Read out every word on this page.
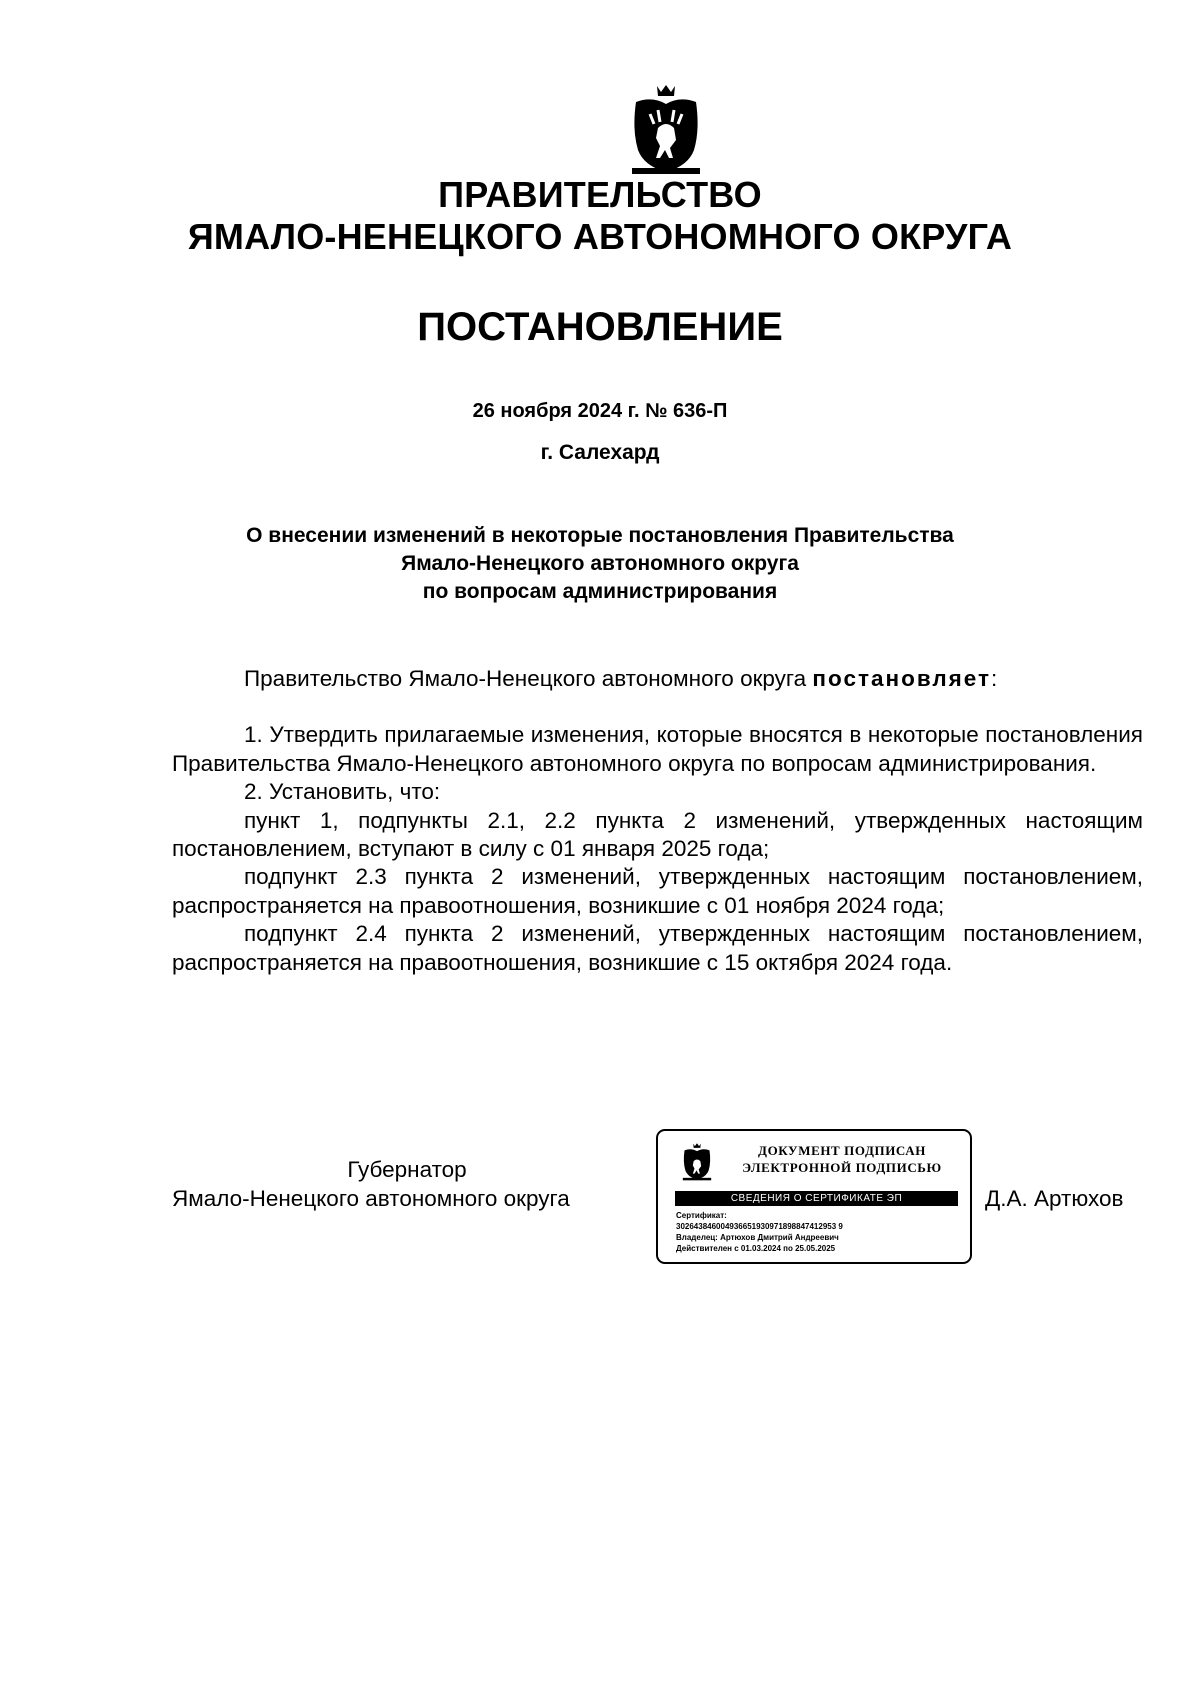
ПРАВИТЕЛЬСТВО
ЯМАЛО-НЕНЕЦКОГО АВТОНОМНОГО ОКРУГА
ПОСТАНОВЛЕНИЕ
26 ноября 2024 г. № 636-П
г. Салехард
О внесении изменений в некоторые постановления Правительства
Ямало-Ненецкого автономного округа
по вопросам администрирования

Правительство Ямало-Ненецкого автономного округа постановляет:

1. Утвердить прилагаемые изменения, которые вносятся в некоторые постановления Правительства Ямало-Ненецкого автономного округа по вопросам администрирования.

2. Установить, что:

пункт 1, подпункты 2.1, 2.2 пункта 2 изменений, утвержденных настоящим постановлением, вступают в силу с 01 января 2025 года;

подпункт 2.3 пункта 2 изменений, утвержденных настоящим постановлением, распространяется на правоотношения, возникшие с 01 ноября 2024 года;

подпункт 2.4 пункта 2 изменений, утвержденных настоящим постановлением, распространяется на правоотношения, возникшие с 15 октября 2024 года.

Губернатор
Ямало-Ненецкого автономного округа
ДОКУМЕНТ ПОДПИСАН
ЭЛЕКТРОННОЙ ПОДПИСЬЮ
СВЕДЕНИЯ О СЕРТИФИКАТЕ ЭП
Сертификат:
302643846004936651930971898847412953 9
Владелец: Артюхов Дмитрий Андреевич
Действителен с 01.03.2024 по 25.05.2025
Д.А. Артюхов
